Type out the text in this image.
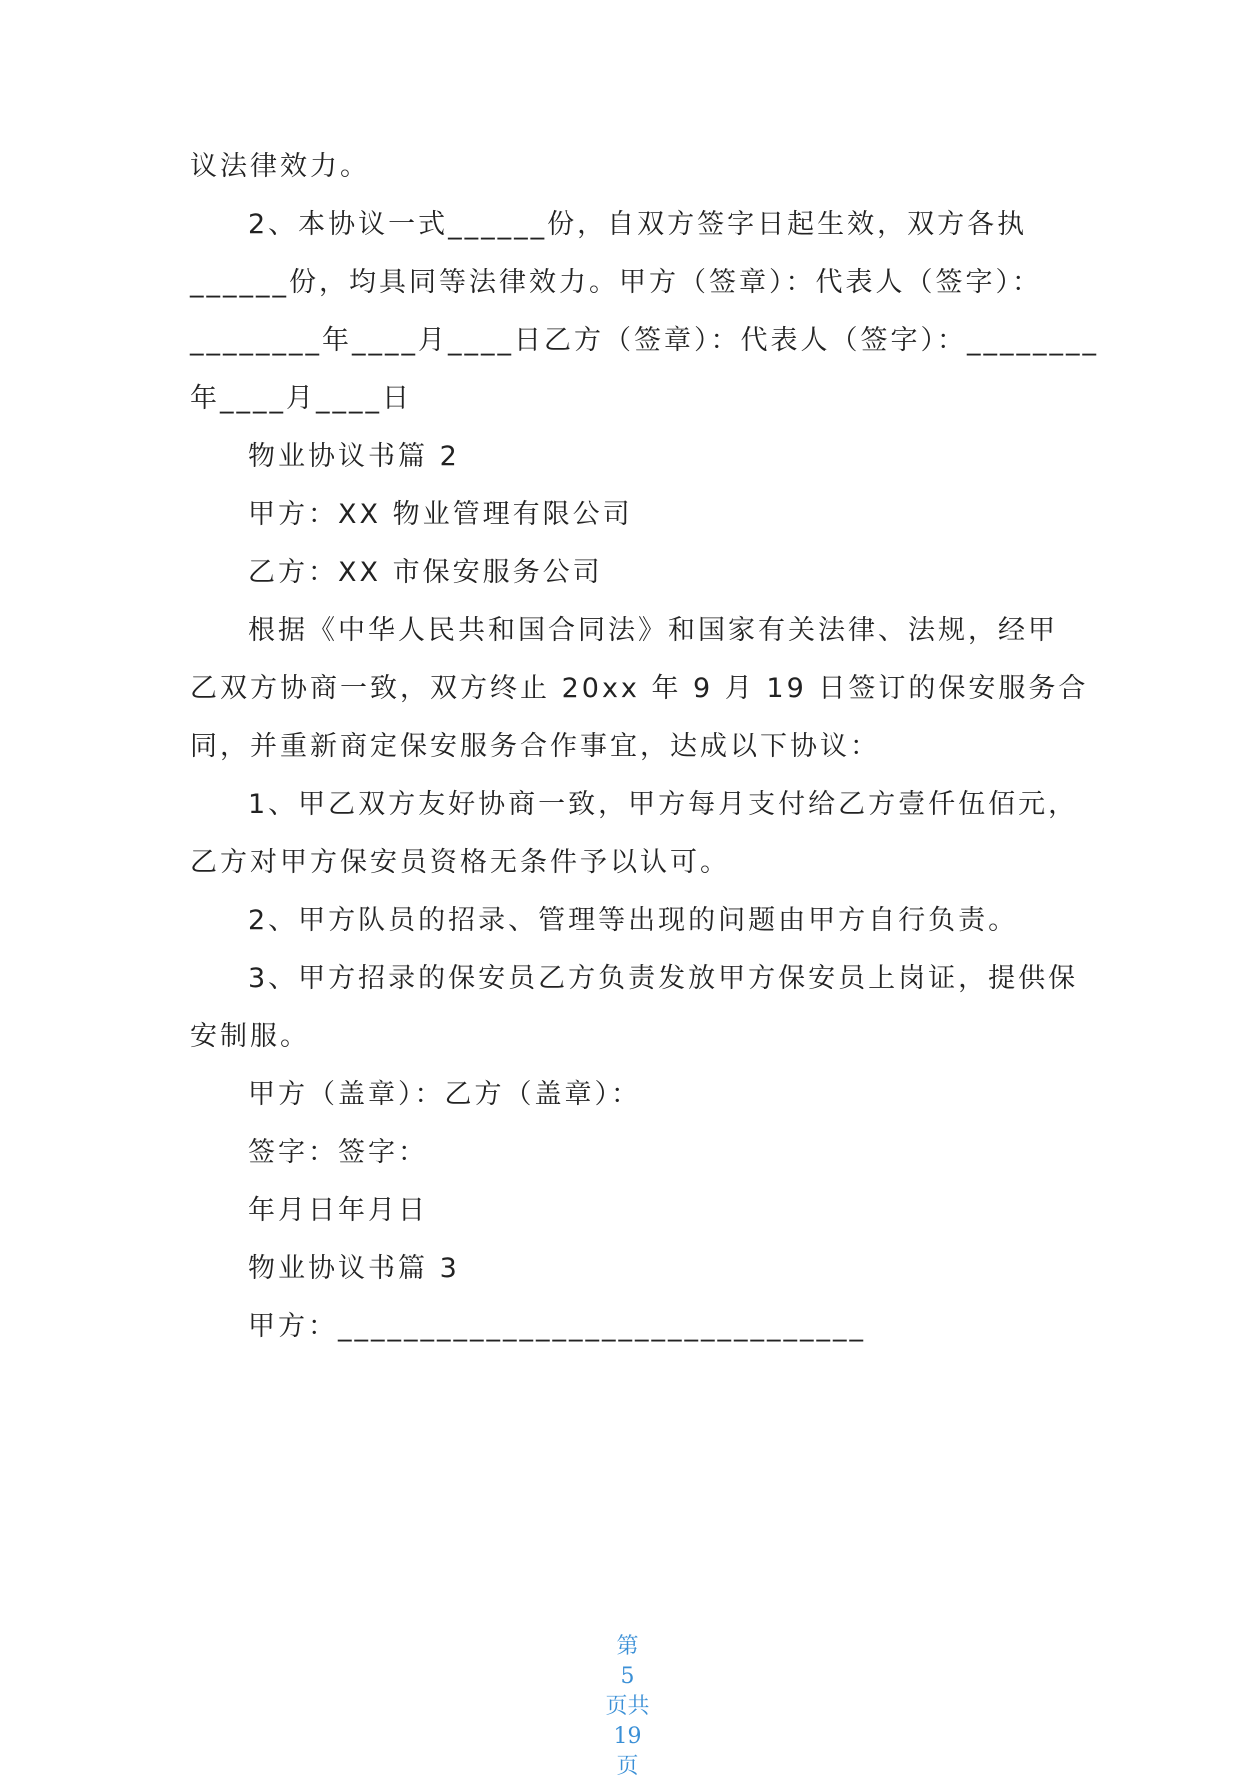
议法律效力。
2、本协议一式______份，自双方签字日起生效，双方各执
______份，均具同等法律效力。甲方（签章）：代表人（签字）：
________年____月____日乙方（签章）：代表人（签字）：________
年____月____日
物业协议书篇 2
甲方：XX 物业管理有限公司
乙方：XX 市保安服务公司
根据《中华人民共和国合同法》和国家有关法律、法规，经甲
乙双方协商一致，双方终止 20xx 年 9 月 19 日签订的保安服务合
同，并重新商定保安服务合作事宜，达成以下协议：
1、甲乙双方友好协商一致，甲方每月支付给乙方壹仟伍佰元，
乙方对甲方保安员资格无条件予以认可。
2、甲方队员的招录、管理等出现的问题由甲方自行负责。
3、甲方招录的保安员乙方负责发放甲方保安员上岗证，提供保
安制服。
甲方（盖章）：乙方（盖章）：
签字：签字：
年月日年月日
物业协议书篇 3
甲方：________________________________

第
5
页共
19
页
